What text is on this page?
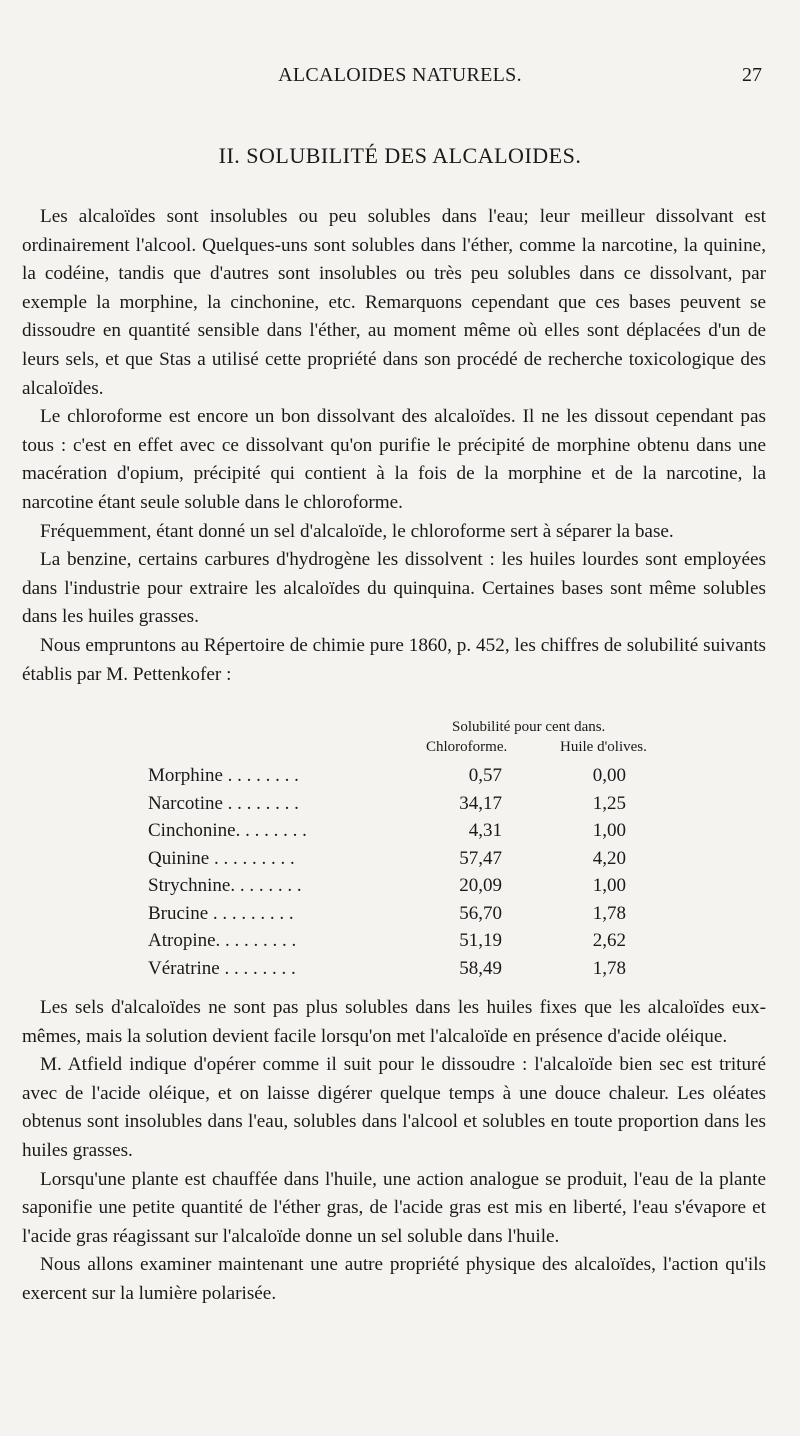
ALCALOIDES NATURELS.	27
II. SOLUBILITÉ DES ALCALOIDES.

Les alcaloïdes sont insolubles ou peu solubles dans l'eau; leur meilleur dissolvant est ordinairement l'alcool. Quelques-uns sont solubles dans l'éther, comme la narcotine, la quinine, la codéine, tandis que d'autres sont insolubles ou très peu solubles dans ce dissolvant, par exemple la morphine, la cinchonine, etc. Remarquons cependant que ces bases peuvent se dissoudre en quantité sensible dans l'éther, au moment même où elles sont déplacées d'un de leurs sels, et que Stas a utilisé cette propriété dans son procédé de recherche toxicologique des alcaloïdes.

Le chloroforme est encore un bon dissolvant des alcaloïdes. Il ne les dissout cependant pas tous : c'est en effet avec ce dissolvant qu'on purifie le précipité de morphine obtenu dans une macération d'opium, précipité qui contient à la fois de la morphine et de la narcotine, la narcotine étant seule soluble dans le chloroforme.

Fréquemment, étant donné un sel d'alcaloïde, le chloroforme sert à séparer la base.

La benzine, certains carbures d'hydrogène les dissolvent : les huiles lourdes sont employées dans l'industrie pour extraire les alcaloïdes du quinquina. Certaines bases sont même solubles dans les huiles grasses.

Nous empruntons au Répertoire de chimie pure 1860, p. 452, les chiffres de solubilité suivants établis par M. Pettenkofer :

Solubilité pour cent dans.
Chloroforme.	Huile d'olives.
Morphine . . . . . . . .	0,57	0,00
Narcotine . . . . . . . .	34,17	1,25
Cinchonine. . . . . . . .	4,31	1,00
Quinine . . . . . . . . .	57,47	4,20
Strychnine. . . . . . . .	20,09	1,00
Brucine . . . . . . . . .	56,70	1,78
Atropine. . . . . . . . .	51,19	2,62
Vératrine . . . . . . . .	58,49	1,78

Les sels d'alcaloïdes ne sont pas plus solubles dans les huiles fixes que les alcaloïdes eux-mêmes, mais la solution devient facile lorsqu'on met l'alcaloïde en présence d'acide oléique.

M. Atfield indique d'opérer comme il suit pour le dissoudre : l'alcaloïde bien sec est trituré avec de l'acide oléique, et on laisse digérer quelque temps à une douce chaleur. Les oléates obtenus sont insolubles dans l'eau, solubles dans l'alcool et solubles en toute proportion dans les huiles grasses.

Lorsqu'une plante est chauffée dans l'huile, une action analogue se produit, l'eau de la plante saponifie une petite quantité de l'éther gras, de l'acide gras est mis en liberté, l'eau s'évapore et l'acide gras réagissant sur l'alcaloïde donne un sel soluble dans l'huile.

Nous allons examiner maintenant une autre propriété physique des alcaloïdes, l'action qu'ils exercent sur la lumière polarisée.
